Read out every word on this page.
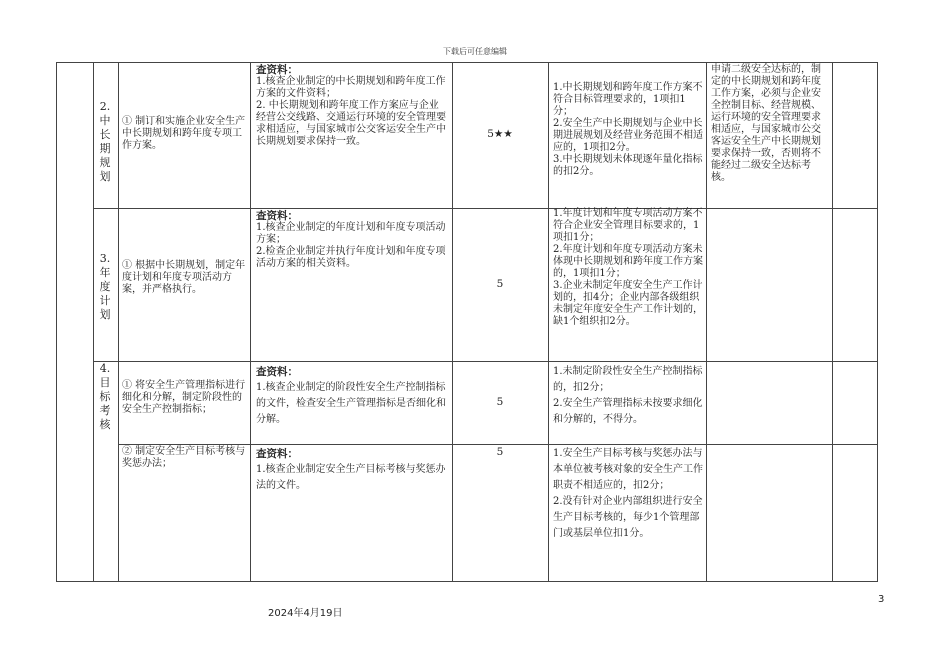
下载后可任意编辑
2.中长期规划
① 制订和实施企业安全生产中长期规划和跨年度专项工作方案。
查资料：
1.核查企业制定的中长期规划和跨年度工作方案的文件资料；
2. 中长期规划和跨年度工作方案应与企业经营公交线路、交通运行环境的安全管理要求相适应，与国家城市公交客运安全生产中长期规划要求保持一致。
5★★
1.中长期规划和跨年度工作方案不符合目标管理要求的，1项扣1分；
2.安全生产中长期规划与企业中长期进展规划及经营业务范围不相适应的，1项扣2分。
3.中长期规划未体现逐年量化指标的扣2分。
申请二级安全达标的，制定的中长期规划和跨年度工作方案，必须与企业安全控制目标、经营规模、运行环境的安全管理要求相适应，与国家城市公交客运安全生产中长期规划要求保持一致，否则将不能经过二级安全达标考核。
3.年度计划
① 根据中长期规划，制定年度计划和年度专项活动方案，并严格执行。
查资料：
1.核查企业制定的年度计划和年度专项活动方案；
2.检查企业制定并执行年度计划和年度专项活动方案的相关资料。
5
1.年度计划和年度专项活动方案不符合企业安全管理目标要求的，1项扣1分；
2.年度计划和年度专项活动方案未体现中长期规划和跨年度工作方案的，1项扣1分；
3.企业未制定年度安全生产工作计划的，扣4分；企业内部各级组织未制定年度安全生产工作计划的，缺1个组织扣2分。
4.目标考核
① 将安全生产管理指标进行细化和分解，制定阶段性的安全生产控制指标；
查资料：
1.核查企业制定的阶段性安全生产控制指标的文件，检查安全生产管理指标是否细化和分解。
5
1.未制定阶段性安全生产控制指标的，扣2分；
2.安全生产管理指标未按要求细化和分解的，不得分。
② 制定安全生产目标考核与奖惩办法；
查资料：
1.核查企业制定安全生产目标考核与奖惩办法的文件。
5	1.安全生产目标考核与奖惩办法与本单位被考核对象的安全生产工作职责不相适应的，扣2分；
2.没有针对企业内部组织进行安全生产目标考核的，每少1个管理部门或基层单位扣1分。
3
2024年4月19日
